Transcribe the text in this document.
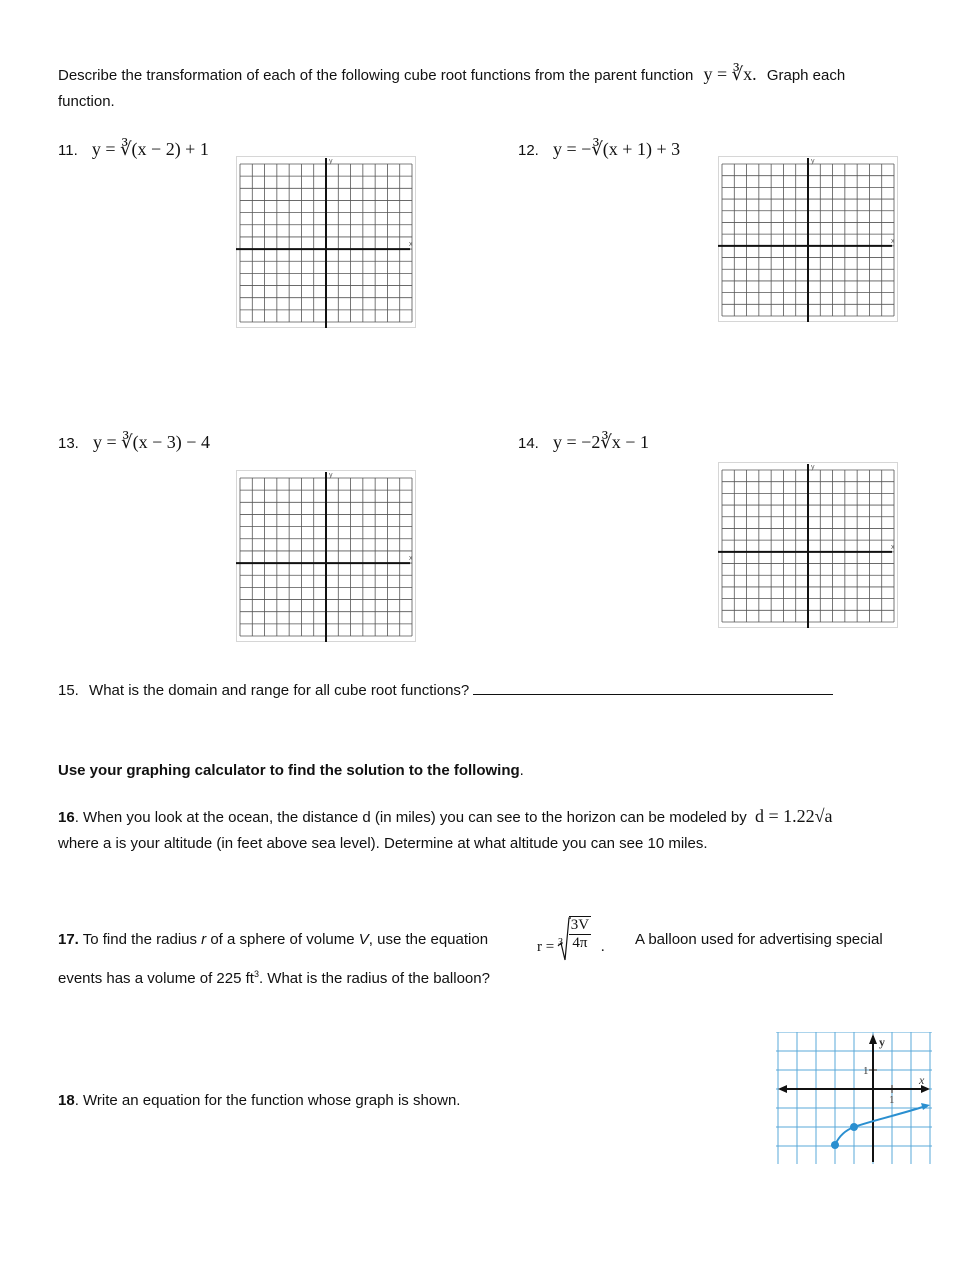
Describe the transformation of each of the following cube root functions from the parent function y = ∛x. Graph each
function.
11. y = ∛(x − 2) + 1	12. y = −∛(x + 1) + 3
13. y = ∛(x − 3) − 4	14. y = −2∛x − 1
x
y
x
y
x
y
x
y
15. What is the domain and range for all cube root functions?
Use your graphing calculator to find the solution to the following.
16. When you look at the ocean, the distance d (in miles) you can see to the horizon can be modeled by d = 1.22√a
where a is your altitude (in feet above sea level). Determine at what altitude you can see 10 miles.
17. To find the radius r of a sphere of volume V, use the equation	$r = _3 \frac{3V}{4\pi}$ . A balloon used for advertising special
events has a volume of 225 $ft^3$. What is the radius of the balloon?
18. Write an equation for the function whose graph is shown.
y
x
1
1
